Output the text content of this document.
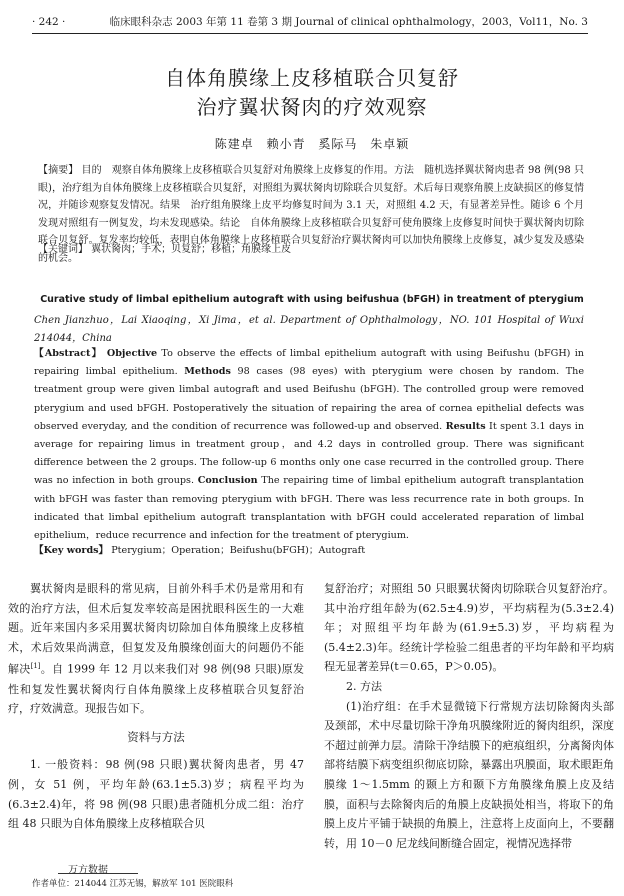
· 242 ·	临床眼科杂志 2003 年第 11 卷第 3 期 Journal of clinical ophthalmology，2003，Vol11，No. 3
自体角膜缘上皮移植联合贝复舒
治疗翼状胬肉的疗效观察
陈建卓 赖小青 奚际马 朱卓颖
【摘要】 目的　观察自体角膜缘上皮移植联合贝复舒对角膜缘上皮修复的作用。方法　随机选择翼状胬肉患者 98 例(98 只眼)，治疗组为自体角膜缘上皮移植联合贝复舒，对照组为翼状胬肉切除联合贝复舒。术后每日观察角膜上皮缺损区的修复情况，并随诊观察复发情况。结果　治疗组角膜缘上皮平均修复时间为 3.1 天，对照组 4.2 天，有显著差异性。随诊 6 个月发现对照组有一例复发，均未发现感染。结论　自体角膜缘上皮移植联合贝复舒可使角膜缘上皮修复时间快于翼状胬肉切除联合贝复舒。复发率均较低，表明自体角膜缘上皮移植联合贝复舒治疗翼状胬肉可以加快角膜缘上皮修复，减少复发及感染的机会。
【关键词】 翼状胬肉；手术；贝复舒；移植；角膜缘上皮
Curative study of limbal epithelium autograft with using beifushua (bFGH) in treatment of pterygium
Chen Jianzhuo，Lai Xiaoqing，Xi Jima，et al. Department of Ophthalmology，NO. 101 Hospital of Wuxi 214044，China
【Abstract】 Objective To observe the effects of limbal epithelium autograft with using Beifushu (bFGH) in repairing limbal epithelium. Methods 98 cases (98 eyes) with pterygium were chosen by random. The treatment group were given limbal autograft and used Beifushu (bFGH). The controlled group were removed pterygium and used bFGH. Postoperatively the situation of repairing the area of cornea epithelial defects was observed everyday, and the condition of recurrence was followed-up and observed. Results It spent 3.1 days in average for repairing limus in treatment group，and 4.2 days in controlled group. There was significant difference between the 2 groups. The follow-up 6 months only one case recurred in the controlled group. There was no infection in both groups. Conclusion The repairing time of limbal epithelium autograft transplantation with bFGH was faster than removing pterygium with bFGH. There was less recurrence rate in both groups. In indicated that limbal epithelium autograft transplantation with bFGH could accelerated reparation of limbal epithelium，reduce recurrence and infection for the treatment of pterygium.
【Key words】 Pterygium；Operation；Beifushu(bFGH)；Autograft

翼状胬肉是眼科的常见病，目前外科手术仍是常用和有效的治疗方法，但术后复发率较高是困扰眼科医生的一大难题。近年来国内多采用翼状胬肉切除加自体角膜缘上皮移植术，术后效果尚满意，但复发及角膜缘创面大的问题仍不能解决[1]。自 1999 年 12 月以来我们对 98 例(98 只眼)原发性和复发性翼状胬肉行自体角膜缘上皮移植联合贝复舒治疗，疗效满意。现报告如下。

资料与方法

1. 一般资料：98 例(98 只眼)翼状胬肉患者，男 47 例，女 51 例，平均年龄(63.1±5.3)岁；病程平均为(6.3±2.4)年，将 98 例(98 只眼)患者随机分成二组：治疗组 48 只眼为自体角膜缘上皮移植联合贝

复舒治疗；对照组 50 只眼翼状胬肉切除联合贝复舒治疗。其中治疗组年龄为(62.5±4.9)岁，平均病程为(5.3±2.4)年；对照组平均年龄为(61.9±5.3)岁，平均病程为(5.4±2.3)年。经统计学检验二组患者的平均年龄和平均病程无显著差异(t＝0.65，P＞0.05)。

2. 方法

(1)治疗组：在手术显微镜下行常规方法切除胬肉头部及颈部，术中尽量切除干净角巩膜缘附近的胬肉组织，深度不超过前弹力层。清除干净结膜下的疤痕组织，分离胬肉体部将结膜下病变组织彻底切除，暴露出巩膜面，取术眼距角膜缘 1～1.5mm 的颞上方和颞下方角膜缘角膜上皮及结膜，面积与去除胬肉后的角膜上皮缺损处相当，将取下的角膜上皮片平铺于缺损的角膜上，注意将上皮面向上，不要翻转，用 10－0 尼龙线间断缝合固定，视情况选择带

万方数据
作者单位：214044 江苏无锡，解放军 101 医院眼科
